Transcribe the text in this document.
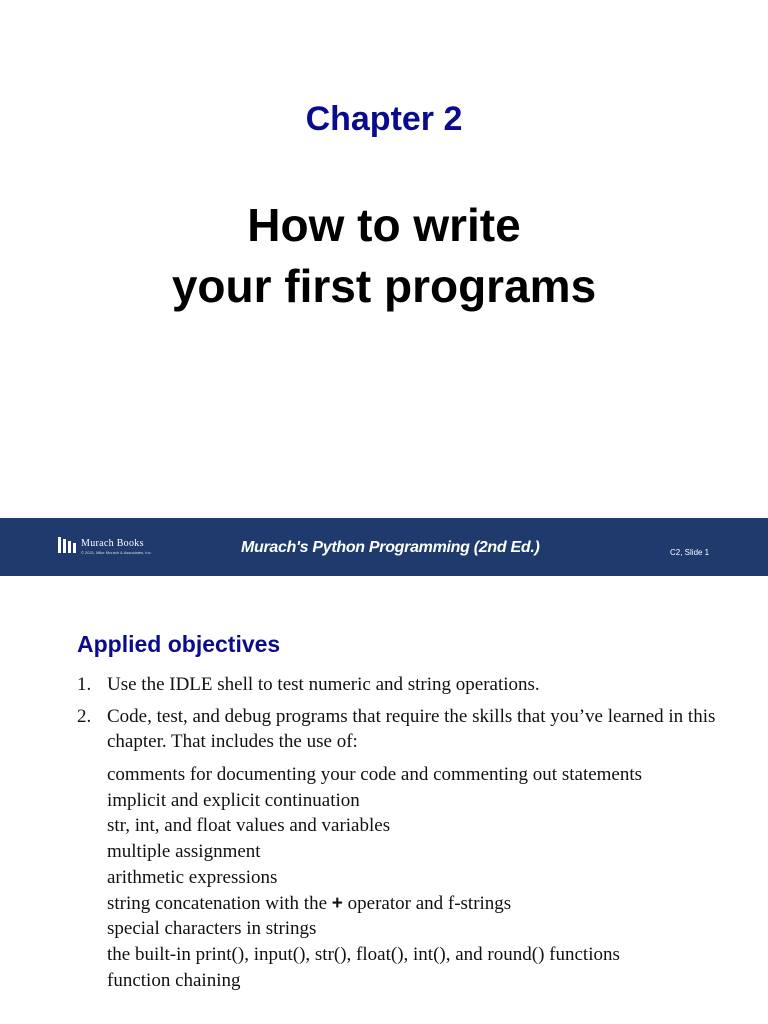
Chapter 2
How to write
your first programs
Murach Books
© 2021, Mike Murach & Associates, Inc.	Murach's Python Programming (2nd Ed.)	C2, Slide 1
Applied objectives
1. Use the IDLE shell to test numeric and string operations.
2. Code, test, and debug programs that require the skills that you’ve learned in this chapter. That includes the use of:
comments for documenting your code and commenting out statements
implicit and explicit continuation
str, int, and float values and variables
multiple assignment
arithmetic expressions
string concatenation with the + operator and f-strings
special characters in strings
the built-in print(), input(), str(), float(), int(), and round() functions
function chaining
